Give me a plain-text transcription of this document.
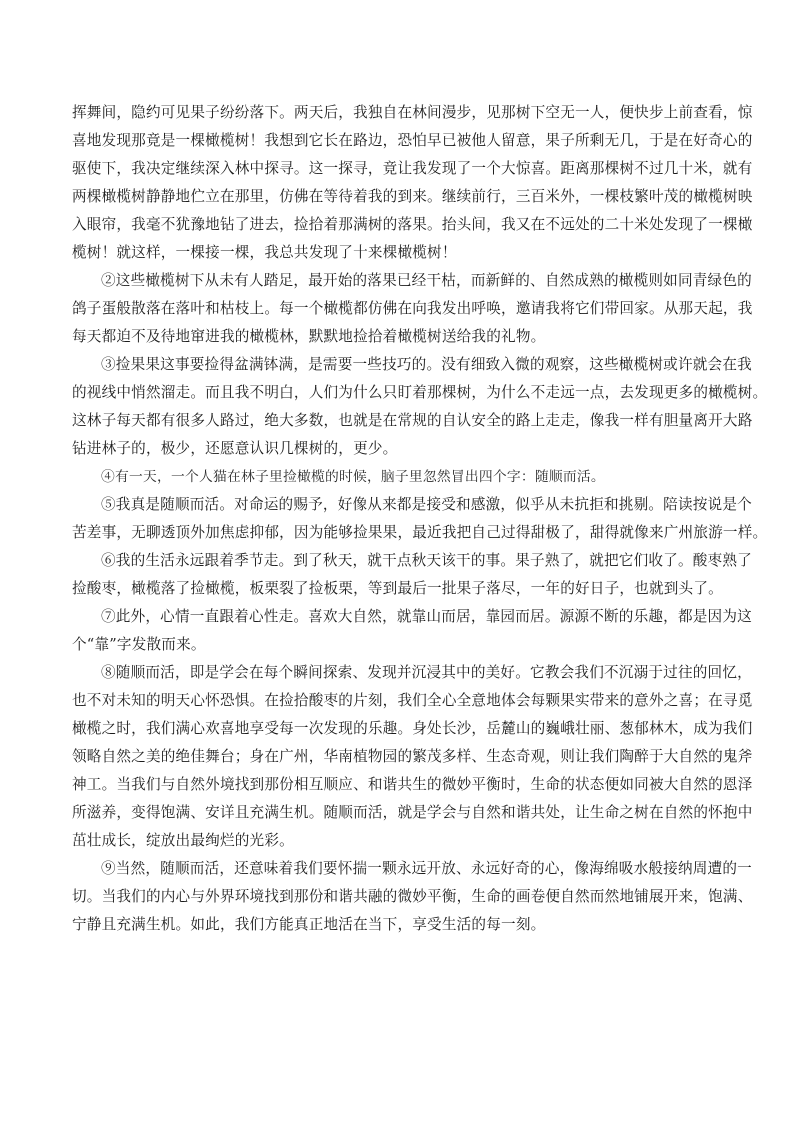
挥舞间，隐约可见果子纷纷落下。两天后，我独自在林间漫步，见那树下空无一人，便快步上前查看，惊
喜地发现那竟是一棵橄榄树！我想到它长在路边，恐怕早已被他人留意，果子所剩无几，于是在好奇心的
驱使下，我决定继续深入林中探寻。这一探寻，竟让我发现了一个大惊喜。距离那棵树不过几十米，就有
两棵橄榄树静静地伫立在那里，仿佛在等待着我的到来。继续前行，三百米外，一棵枝繁叶茂的橄榄树映
入眼帘，我毫不犹豫地钻了进去，捡拾着那满树的落果。抬头间，我又在不远处的二十米处发现了一棵橄
榄树！就这样，一棵接一棵，我总共发现了十来棵橄榄树！
②这些橄榄树下从未有人踏足，最开始的落果已经干枯，而新鲜的、自然成熟的橄榄则如同青绿色的
鸽子蛋般散落在落叶和枯枝上。每一个橄榄都仿佛在向我发出呼唤，邀请我将它们带回家。从那天起，我
每天都迫不及待地窜进我的橄榄林，默默地捡拾着橄榄树送给我的礼物。
③捡果果这事要捡得盆满钵满，是需要一些技巧的。没有细致入微的观察，这些橄榄树或许就会在我
的视线中悄然溜走。而且我不明白，人们为什么只盯着那棵树，为什么不走远一点，去发现更多的橄榄树。
这林子每天都有很多人路过，绝大多数，也就是在常规的自认安全的路上走走，像我一样有胆量离开大路
钻进林子的，极少，还愿意认识几棵树的，更少。
④有一天，一个人猫在林子里捡橄榄的时候，脑子里忽然冒出四个字：随顺而活。
⑤我真是随顺而活。对命运的赐予，好像从来都是接受和感激，似乎从未抗拒和挑剔。陪读按说是个
苦差事，无聊透顶外加焦虑抑郁，因为能够捡果果，最近我把自己过得甜极了，甜得就像来广州旅游一样。
⑥我的生活永远跟着季节走。到了秋天，就干点秋天该干的事。果子熟了，就把它们收了。酸枣熟了
捡酸枣，橄榄落了捡橄榄，板栗裂了捡板栗，等到最后一批果子落尽，一年的好日子，也就到头了。
⑦此外，心情一直跟着心性走。喜欢大自然，就靠山而居，靠园而居。源源不断的乐趣，都是因为这
个“靠”字发散而来。
⑧随顺而活，即是学会在每个瞬间探索、发现并沉浸其中的美好。它教会我们不沉溺于过往的回忆，
也不对未知的明天心怀恐惧。在捡拾酸枣的片刻，我们全心全意地体会每颗果实带来的意外之喜；在寻觅
橄榄之时，我们满心欢喜地享受每一次发现的乐趣。身处长沙，岳麓山的巍峨壮丽、葱郁林木，成为我们
领略自然之美的绝佳舞台；身在广州，华南植物园的繁茂多样、生态奇观，则让我们陶醉于大自然的鬼斧
神工。当我们与自然外境找到那份相互顺应、和谐共生的微妙平衡时，生命的状态便如同被大自然的恩泽
所滋养，变得饱满、安详且充满生机。随顺而活，就是学会与自然和谐共处，让生命之树在自然的怀抱中
茁壮成长，绽放出最绚烂的光彩。
⑨当然，随顺而活，还意味着我们要怀揣一颗永远开放、永远好奇的心，像海绵吸水般接纳周遭的一
切。当我们的内心与外界环境找到那份和谐共融的微妙平衡，生命的画卷便自然而然地铺展开来，饱满、
宁静且充满生机。如此，我们方能真正地活在当下，享受生活的每一刻。
